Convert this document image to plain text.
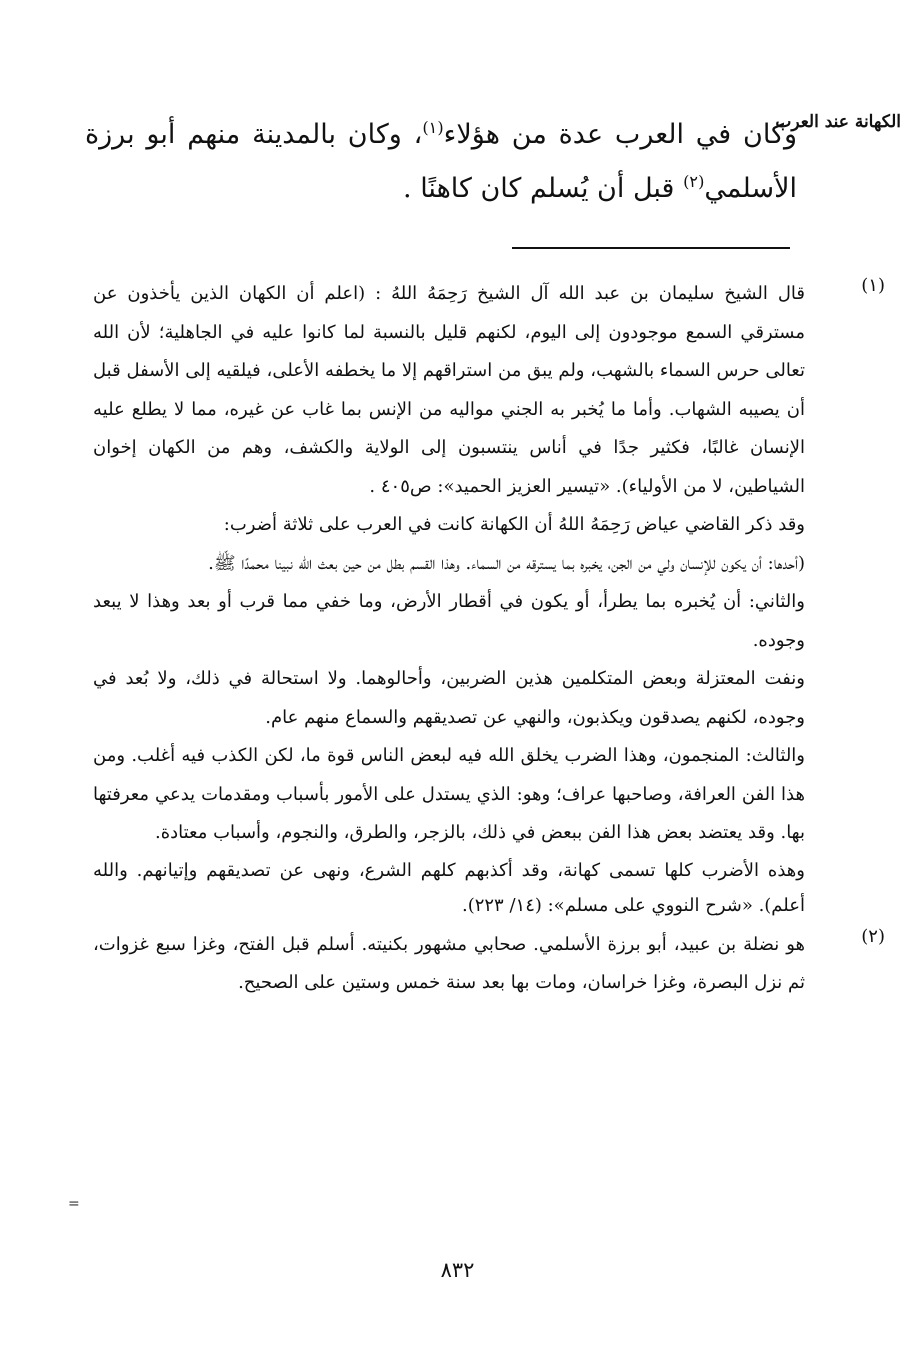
الكهانة عند العرب
وكان في العرب عدة من هؤلاء$^{(١)}$، وكان بالمدينة منهم أبو برزة الأسلمي$^{(٢)}$ قبل أن يُسلم كان كاهنًا .
(١)

قال الشيخ سليمان بن عبد الله آل الشيخ رَحِمَهُ اللهُ : (اعلم أن الكهان الذين يأخذون عن مسترقي السمع موجودون إلى اليوم، لكنهم قليل بالنسبة لما كانوا عليه في الجاهلية؛ لأن الله تعالى حرس السماء بالشهب، ولم يبق من استراقهم إلا ما يخطفه الأعلى، فيلقيه إلى الأسفل قبل أن يصيبه الشهاب. وأما ما يُخبر به الجني مواليه من الإنس بما غاب عن غيره، مما لا يطلع عليه الإنسان غالبًا، فكثير جدًا في أناس ينتسبون إلى الولاية والكشف، وهم من الكهان إخوان الشياطين، لا من الأولياء). «تيسير العزيز الحميد»: ص٤٠٥ .

وقد ذكر القاضي عياض رَحِمَهُ اللهُ أن الكهانة كانت في العرب على ثلاثة أضرب:

(أحدها: أن يكون للإنسان ولي من الجن، يخبره بما يسترقه من السماء. وهذا القسم بطل من حين بعث الله نبينا محمدًا ﷺ.

والثاني: أن يُخبره بما يطرأ، أو يكون في أقطار الأرض، وما خفي مما قرب أو بعد وهذا لا يبعد وجوده.

ونفت المعتزلة وبعض المتكلمين هذين الضربين، وأحالوهما. ولا استحالة في ذلك، ولا بُعد في وجوده، لكنهم يصدقون ويكذبون، والنهي عن تصديقهم والسماع منهم عام.

والثالث: المنجمون، وهذا الضرب يخلق الله فيه لبعض الناس قوة ما، لكن الكذب فيه أغلب. ومن هذا الفن العرافة، وصاحبها عراف؛ وهو: الذي يستدل على الأمور بأسباب ومقدمات يدعي معرفتها بها. وقد يعتضد بعض هذا الفن ببعض في ذلك، بالزجر، والطرق، والنجوم، وأسباب معتادة.

وهذه الأضرب كلها تسمى كهانة، وقد أكذبهم كلهم الشرع، ونهى عن تصديقهم وإتيانهم. والله أعلم). «شرح النووي على مسلم»: (١٤/ ٢٢٣).

(٢)

هو نضلة بن عبيد، أبو برزة الأسلمي. صحابي مشهور بكنيته. أسلم قبل الفتح، وغزا سبع غزوات، ثم نزل البصرة، وغزا خراسان، ومات بها بعد سنة خمس وستين على الصحيح.

=
٨٣٢
